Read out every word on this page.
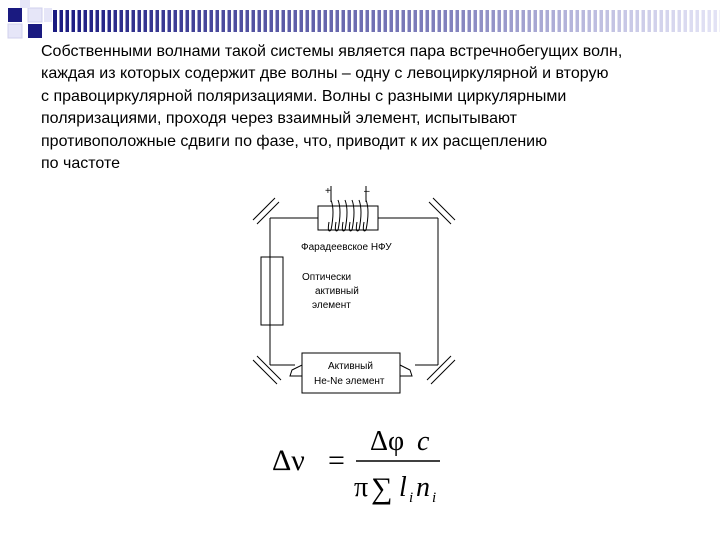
Собственными волнами такой системы является пара встречнобегущих волн,

каждая из которых содержит две волны – одну с левоциркулярной и вторую

с правоциркулярной поляризациями. Волны с разными циркулярными

поляризациями, проходя через взаимный элемент, испытывают

противоположные сдвиги по фазе, что, приводит к их расщеплению

по частоте

+	–
Фарадеевское НФУ
Оптически
активный
элемент
Активный
He-Ne элемент
Δν =
Δφ c
π ∑ l i n i
